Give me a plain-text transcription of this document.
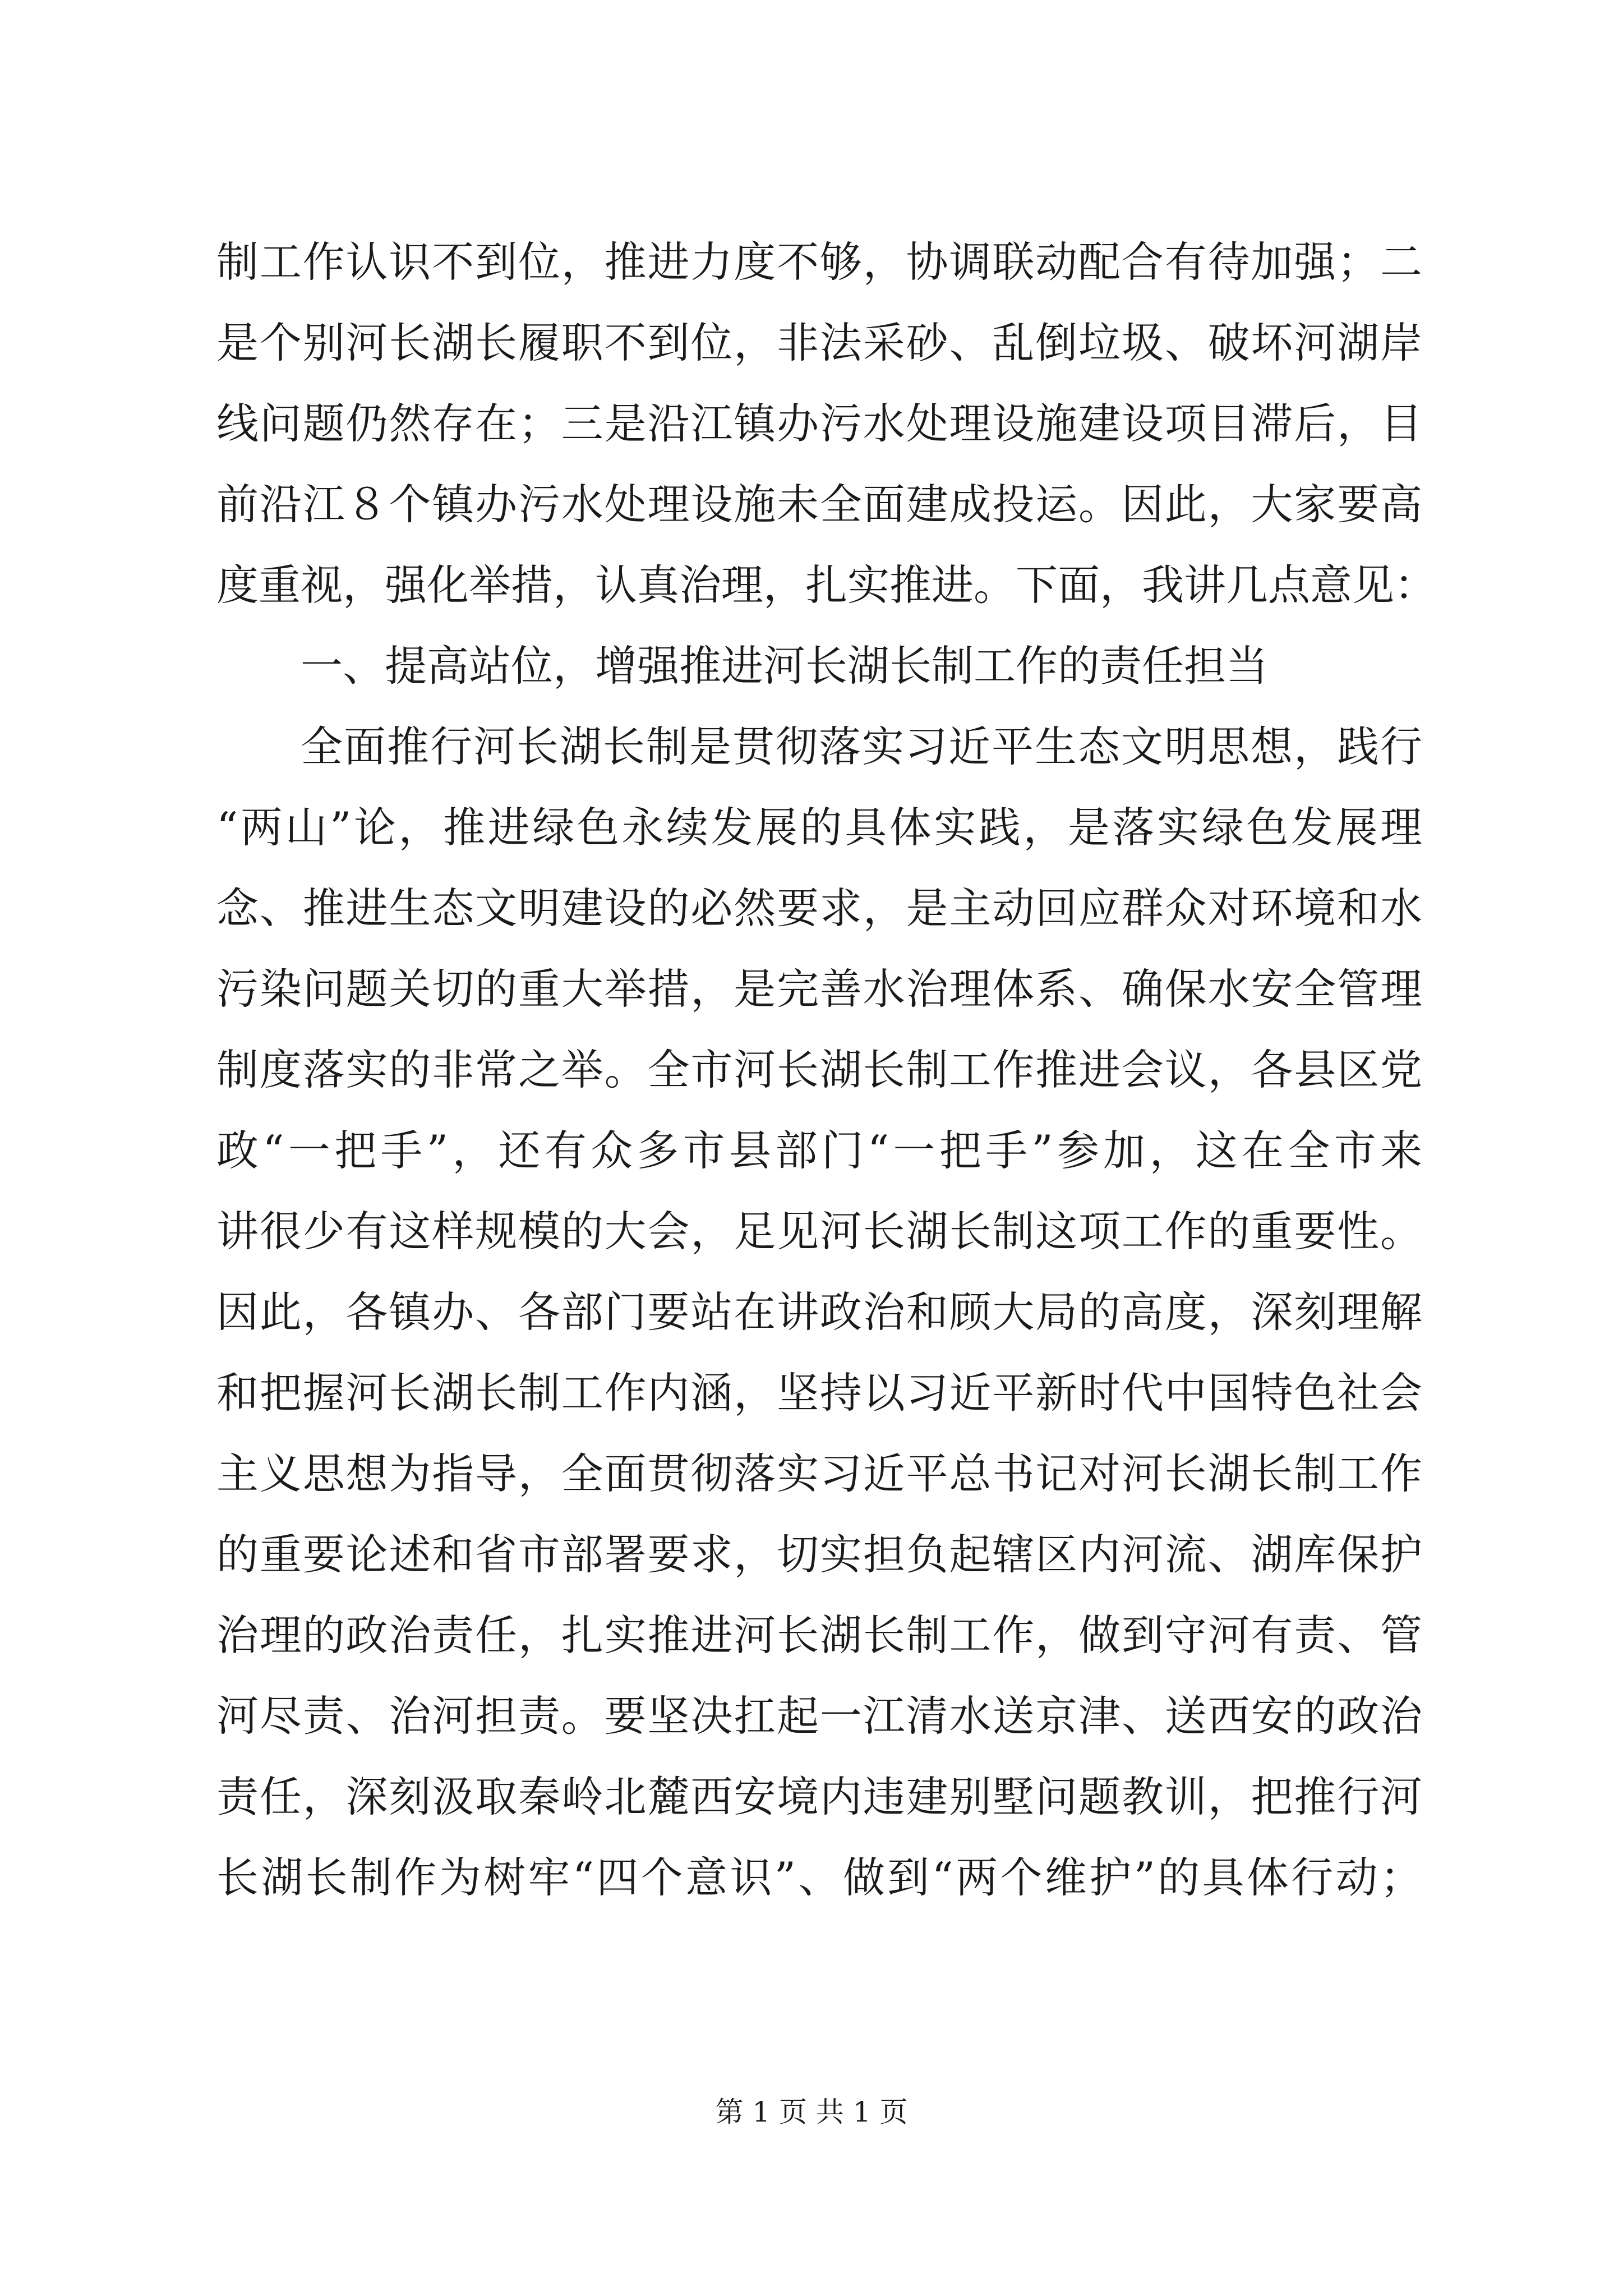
制工作认识不到位，推进力度不够，协调联动配合有待加强；二
是个别河长湖长履职不到位，非法采砂、乱倒垃圾、破坏河湖岸
线问题仍然存在；三是沿江镇办污水处理设施建设项目滞后，目
前沿江８个镇办污水处理设施未全面建成投运。因此，大家要高
度重视，强化举措，认真治理，扎实推进。下面，我讲几点意见：
一、提高站位，增强推进河长湖长制工作的责任担当
全面推行河长湖长制是贯彻落实习近平生态文明思想，践行
“两山”论，推进绿色永续发展的具体实践，是落实绿色发展理
念、推进生态文明建设的必然要求，是主动回应群众对环境和水
污染问题关切的重大举措，是完善水治理体系、确保水安全管理
制度落实的非常之举。全市河长湖长制工作推进会议，各县区党
政“一把手”，还有众多市县部门“一把手”参加，这在全市来
讲很少有这样规模的大会，足见河长湖长制这项工作的重要性。
因此，各镇办、各部门要站在讲政治和顾大局的高度，深刻理解
和把握河长湖长制工作内涵，坚持以习近平新时代中国特色社会
主义思想为指导，全面贯彻落实习近平总书记对河长湖长制工作
的重要论述和省市部署要求，切实担负起辖区内河流、湖库保护
治理的政治责任，扎实推进河长湖长制工作，做到守河有责、管
河尽责、治河担责。要坚决扛起一江清水送京津、送西安的政治
责任，深刻汲取秦岭北麓西安境内违建别墅问题教训，把推行河
长湖长制作为树牢“四个意识”、做到“两个维护”的具体行动；
第 1 页 共 1 页
